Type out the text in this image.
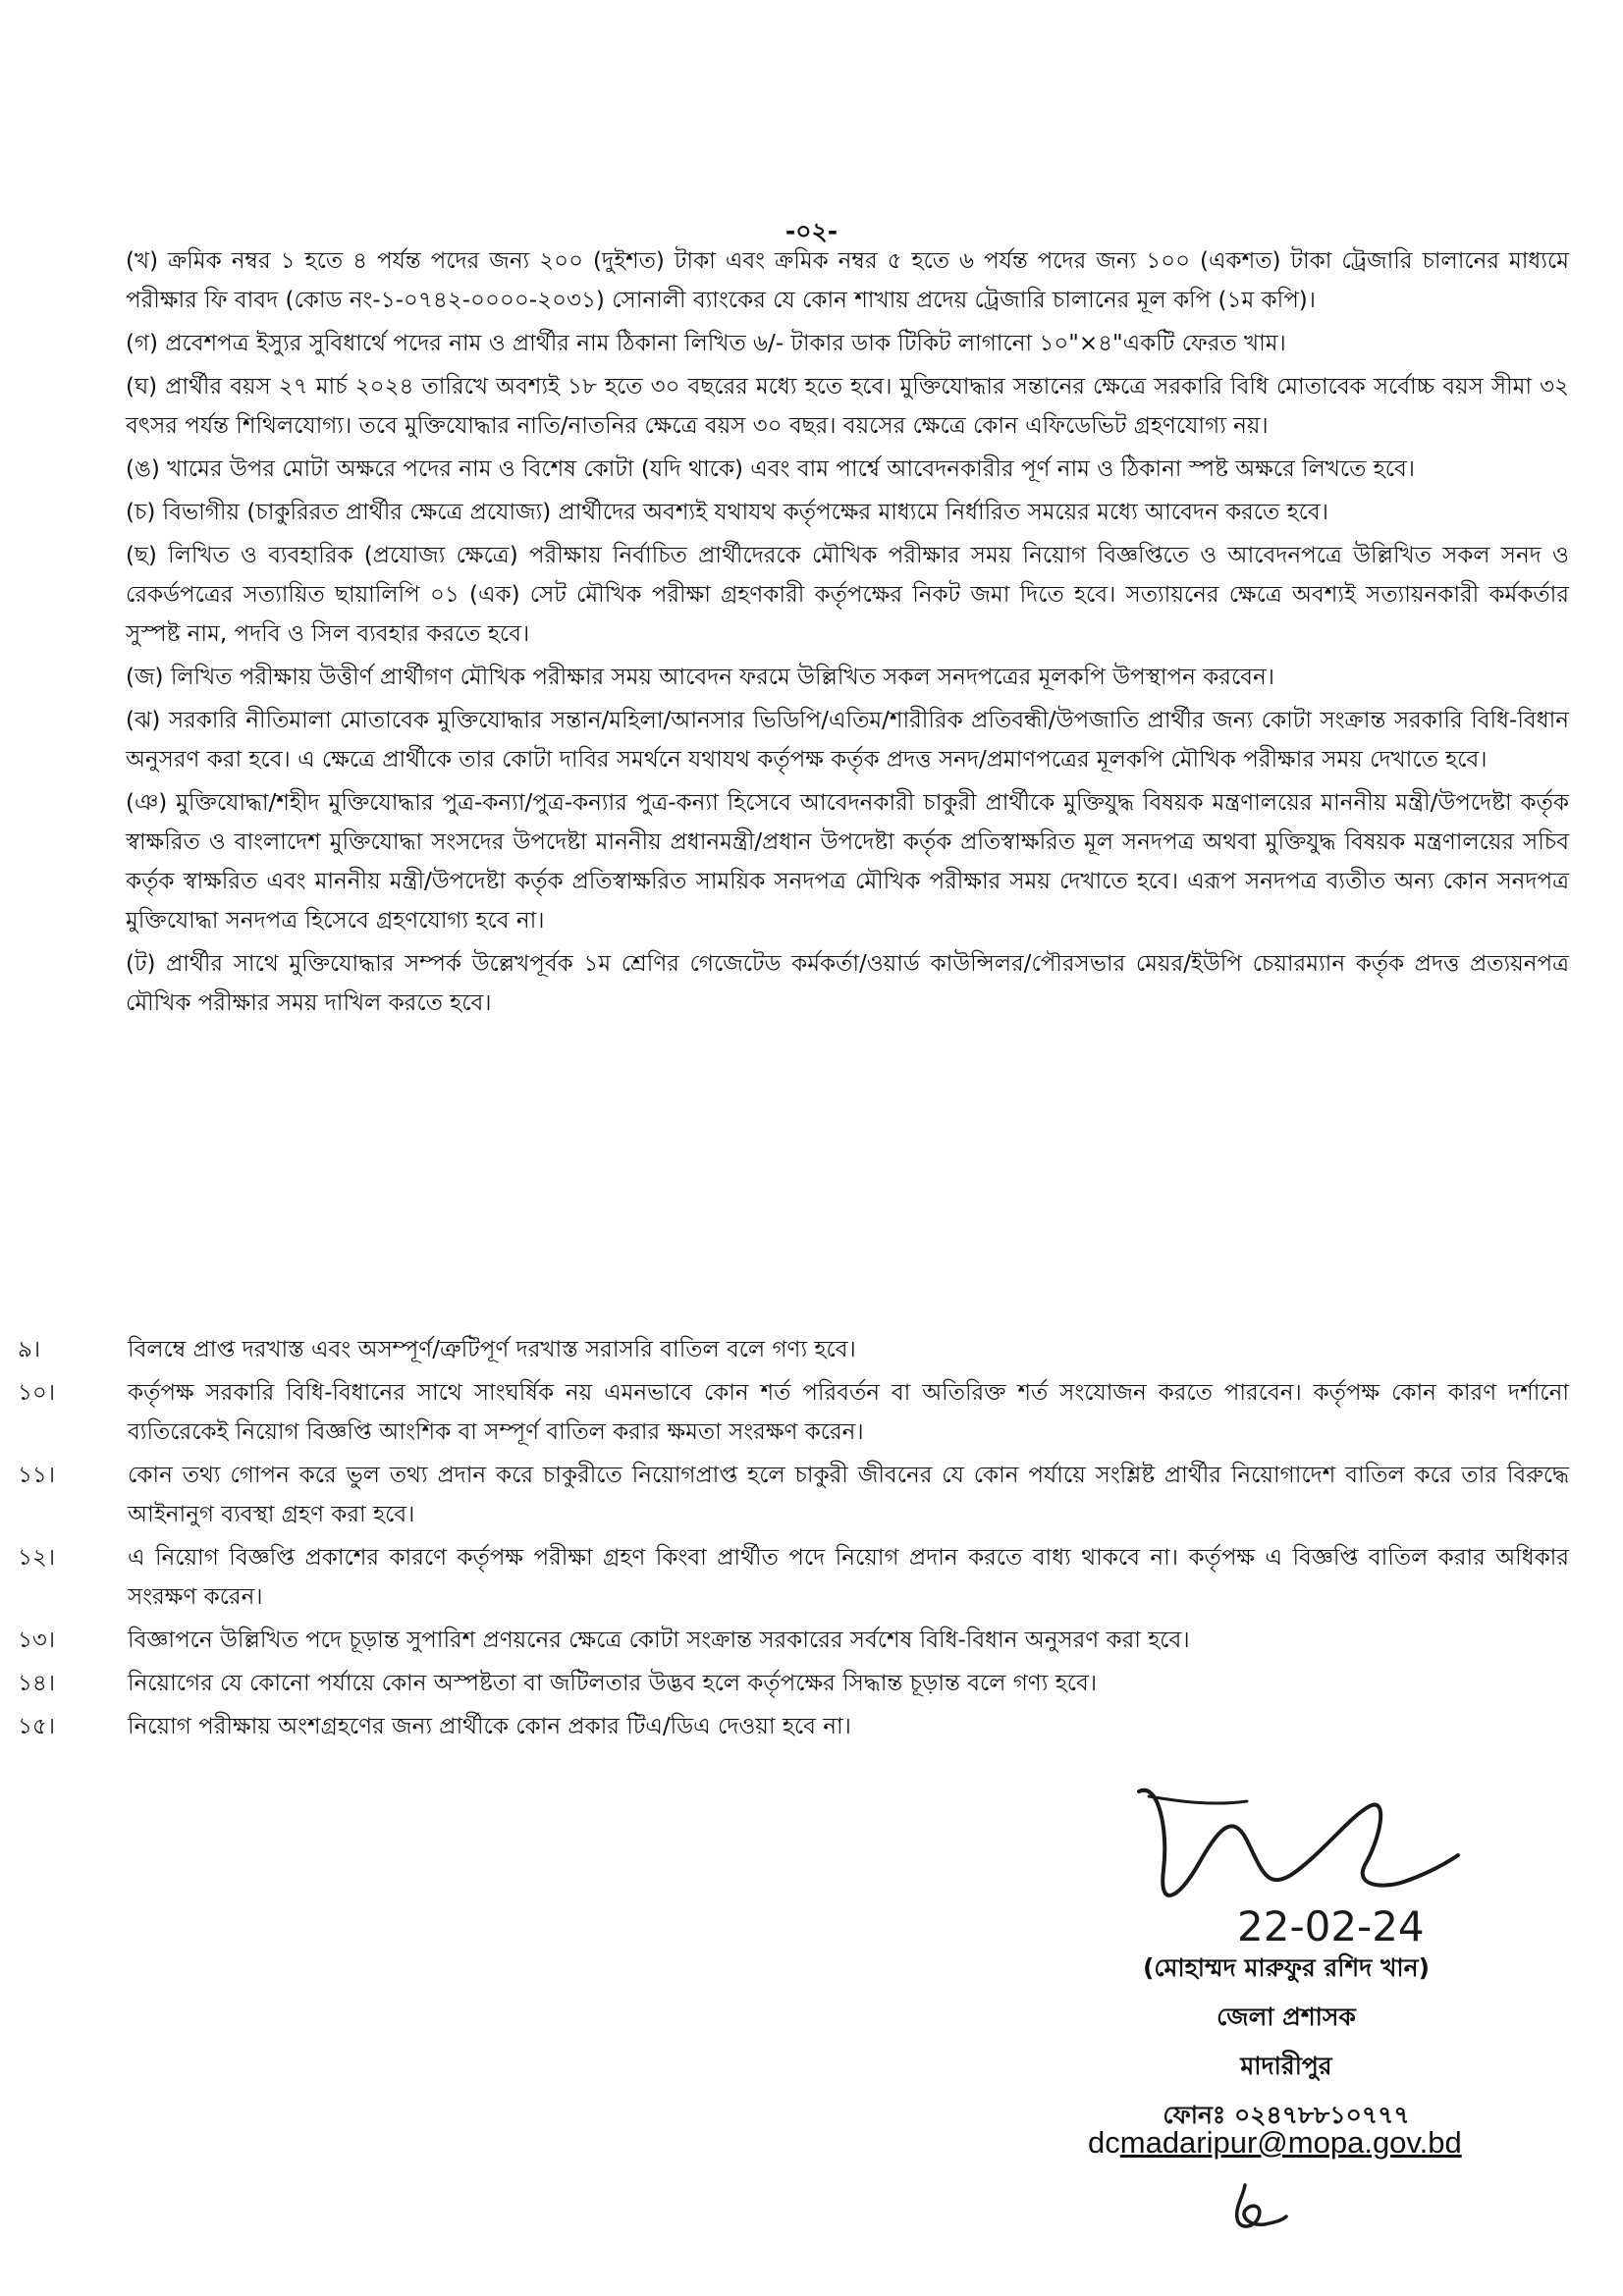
-০২-

(খ) ক্রমিক নম্বর ১ হতে ৪ পর্যন্ত পদের জন্য ২০০ (দুইশত) টাকা এবং ক্রমিক নম্বর ৫ হতে ৬ পর্যন্ত পদের জন্য ১০০ (একশত) টাকা ট্রেজারি চালানের মাধ্যমে পরীক্ষার ফি বাবদ (কোড নং-১-০৭৪২-০০০০-২০৩১) সোনালী ব্যাংকের যে কোন শাখায় প্রদেয় ট্রেজারি চালানের মূল কপি (১ম কপি)।

(গ) প্রবেশপত্র ইস্যুর সুবিধার্থে পদের নাম ও প্রার্থীর নাম ঠিকানা লিখিত ৬/- টাকার ডাক টিকিট লাগানো ১০"×৪"একটি ফেরত খাম।

(ঘ) প্রার্থীর বয়স ২৭ মার্চ ২০২৪ তারিখে অবশ্যই ১৮ হতে ৩০ বছরের মধ্যে হতে হবে। মুক্তিযোদ্ধার সন্তানের ক্ষেত্রে সরকারি বিধি মোতাবেক সর্বোচ্চ বয়স সীমা ৩২ বৎসর পর্যন্ত শিথিলযোগ্য। তবে মুক্তিযোদ্ধার নাতি/নাতনির ক্ষেত্রে বয়স ৩০ বছর। বয়সের ক্ষেত্রে কোন এফিডেভিট গ্রহণযোগ্য নয়।

(ঙ) খামের উপর মোটা অক্ষরে পদের নাম ও বিশেষ কোটা (যদি থাকে) এবং বাম পার্শ্বে আবেদনকারীর পূর্ণ নাম ও ঠিকানা স্পষ্ট অক্ষরে লিখতে হবে।

(চ) বিভাগীয় (চাকুরিরত প্রার্থীর ক্ষেত্রে প্রযোজ্য) প্রার্থীদের অবশ্যই যথাযথ কর্তৃপক্ষের মাধ্যমে নির্ধারিত সময়ের মধ্যে আবেদন করতে হবে।

(ছ) লিখিত ও ব্যবহারিক (প্রযোজ্য ক্ষেত্রে) পরীক্ষায় নির্বাচিত প্রার্থীদেরকে মৌখিক পরীক্ষার সময় নিয়োগ বিজ্ঞপ্তিতে ও আবেদনপত্রে উল্লিখিত সকল সনদ ও রেকর্ডপত্রের সত্যায়িত ছায়ালিপি ০১ (এক) সেট মৌখিক পরীক্ষা গ্রহণকারী কর্তৃপক্ষের নিকট জমা দিতে হবে। সত্যায়নের ক্ষেত্রে অবশ্যই সত্যায়নকারী কর্মকর্তার সুস্পষ্ট নাম, পদবি ও সিল ব্যবহার করতে হবে।

(জ) লিখিত পরীক্ষায় উত্তীর্ণ প্রার্থীগণ মৌখিক পরীক্ষার সময় আবেদন ফরমে উল্লিখিত সকল সনদপত্রের মূলকপি উপস্থাপন করবেন।

(ঝ) সরকারি নীতিমালা মোতাবেক মুক্তিযোদ্ধার সন্তান/মহিলা/আনসার ভিডিপি/এতিম/শারীরিক প্রতিবন্ধী/উপজাতি প্রার্থীর জন্য কোটা সংক্রান্ত সরকারি বিধি-বিধান অনুসরণ করা হবে। এ ক্ষেত্রে প্রার্থীকে তার কোটা দাবির সমর্থনে যথাযথ কর্তৃপক্ষ কর্তৃক প্রদত্ত সনদ/প্রমাণপত্রের মূলকপি মৌখিক পরীক্ষার সময় দেখাতে হবে।

(ঞ) মুক্তিযোদ্ধা/শহীদ মুক্তিযোদ্ধার পুত্র-কন্যা/পুত্র-কন্যার পুত্র-কন্যা হিসেবে আবেদনকারী চাকুরী প্রার্থীকে মুক্তিযুদ্ধ বিষয়ক মন্ত্রণালয়ের মাননীয় মন্ত্রী/উপদেষ্টা কর্তৃক স্বাক্ষরিত ও বাংলাদেশ মুক্তিযোদ্ধা সংসদের উপদেষ্টা মাননীয় প্রধানমন্ত্রী/প্রধান উপদেষ্টা কর্তৃক প্রতিস্বাক্ষরিত মূল সনদপত্র অথবা মুক্তিযুদ্ধ বিষয়ক মন্ত্রণালয়ের সচিব কর্তৃক স্বাক্ষরিত এবং মাননীয় মন্ত্রী/উপদেষ্টা কর্তৃক প্রতিস্বাক্ষরিত সাময়িক সনদপত্র মৌখিক পরীক্ষার সময় দেখাতে হবে। এরূপ সনদপত্র ব্যতীত অন্য কোন সনদপত্র মুক্তিযোদ্ধা সনদপত্র হিসেবে গ্রহণযোগ্য হবে না।

(ট) প্রার্থীর সাথে মুক্তিযোদ্ধার সম্পর্ক উল্লেখপূর্বক ১ম শ্রেণির গেজেটেড কর্মকর্তা/ওয়ার্ড কাউন্সিলর/পৌরসভার মেয়র/ইউপি চেয়ারম্যান কর্তৃক প্রদত্ত প্রত্যয়নপত্র মৌখিক পরীক্ষার সময় দাখিল করতে হবে।

৯।	বিলম্বে প্রাপ্ত দরখাস্ত এবং অসম্পূর্ণ/ত্রুটিপূর্ণ দরখাস্ত সরাসরি বাতিল বলে গণ্য হবে।
১০।	কর্তৃপক্ষ সরকারি বিধি-বিধানের সাথে সাংঘর্ষিক নয় এমনভাবে কোন শর্ত পরিবর্তন বা অতিরিক্ত শর্ত সংযোজন করতে পারবেন। কর্তৃপক্ষ কোন কারণ দর্শানো ব্যতিরেকেই নিয়োগ বিজ্ঞপ্তি আংশিক বা সম্পূর্ণ বাতিল করার ক্ষমতা সংরক্ষণ করেন।
১১।	কোন তথ্য গোপন করে ভুল তথ্য প্রদান করে চাকুরীতে নিয়োগপ্রাপ্ত হলে চাকুরী জীবনের যে কোন পর্যায়ে সংশ্লিষ্ট প্রার্থীর নিয়োগাদেশ বাতিল করে তার বিরুদ্ধে আইনানুগ ব্যবস্থা গ্রহণ করা হবে।
১২।	এ নিয়োগ বিজ্ঞপ্তি প্রকাশের কারণে কর্তৃপক্ষ পরীক্ষা গ্রহণ কিংবা প্রার্থীত পদে নিয়োগ প্রদান করতে বাধ্য থাকবে না। কর্তৃপক্ষ এ বিজ্ঞপ্তি বাতিল করার অধিকার সংরক্ষণ করেন।
১৩।	বিজ্ঞাপনে উল্লিখিত পদে চূড়ান্ত সুপারিশ প্রণয়নের ক্ষেত্রে কোটা সংক্রান্ত সরকারের সর্বশেষ বিধি-বিধান অনুসরণ করা হবে।
১৪।	নিয়োগের যে কোনো পর্যায়ে কোন অস্পষ্টতা বা জটিলতার উদ্ভব হলে কর্তৃপক্ষের সিদ্ধান্ত চূড়ান্ত বলে গণ্য হবে।
১৫।	নিয়োগ পরীক্ষায় অংশগ্রহণের জন্য প্রার্থীকে কোন প্রকার টিএ/ডিএ দেওয়া হবে না।
22-02-24
(মোহাম্মদ মারুফুর রশিদ খান)
জেলা প্রশাসক
মাদারীপুর
ফোনঃ ০২৪৭৮৮১০৭৭৭
dcmadaripur@mopa.gov.bd
